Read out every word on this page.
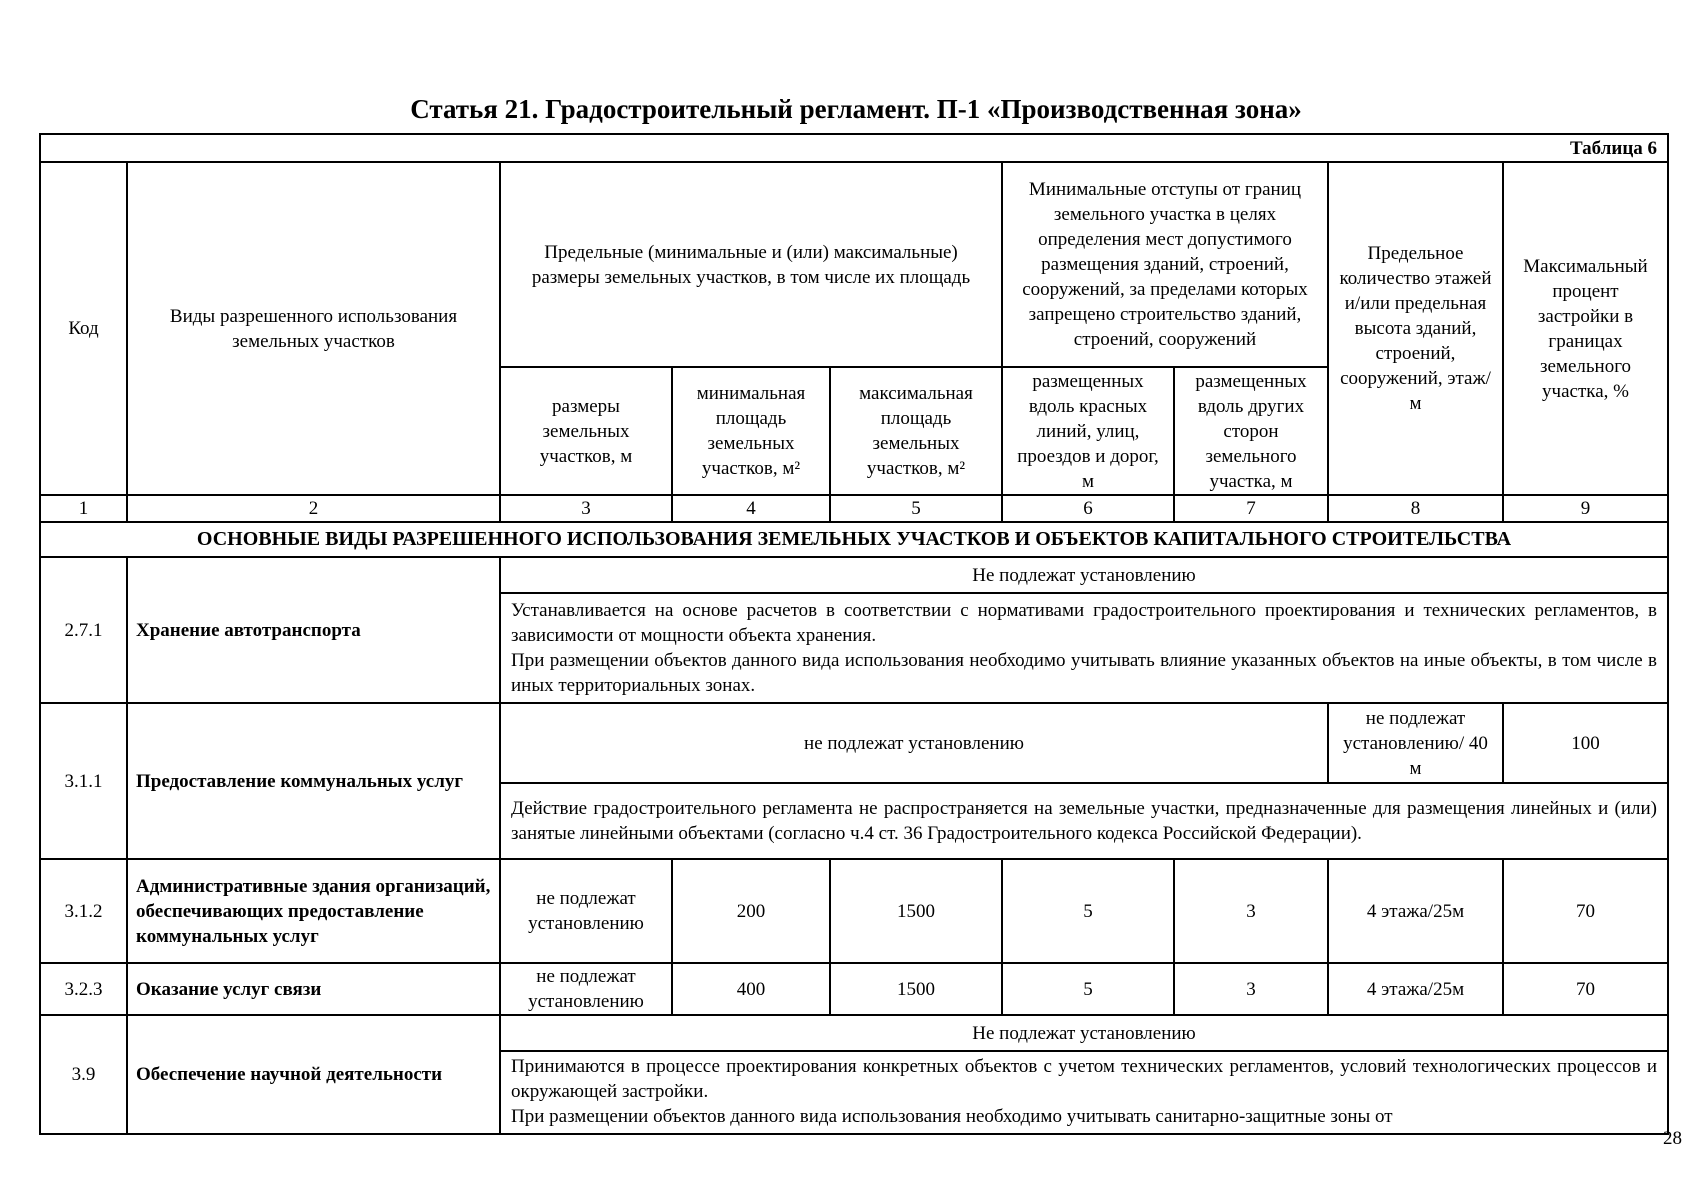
Статья 21. Градостроительный регламент. П-1 «Производственная зона»
Таблица 6								
Код	Виды разрешенного использования земельных участков	Предельные (минимальные и (или) максимальные) размеры земельных участков, в том числе их площадь			Минимальные отступы от границ земельного участка в целях определения мест допустимого размещения зданий, строений, сооружений, за пределами которых запрещено строительство зданий, строений, сооружений		Предельное количество этажей и/или предельная высота зданий, строений, сооружений, этаж/м	Максимальный процент застройки в границах земельного участка, %
		размеры земельных участков, м	минимальная площадь земельных участков, м²	максимальная площадь земельных участков, м²	размещенных вдоль красных линий, улиц, проездов и дорог, м	размещенных вдоль других сторон земельного участка, м		
1	2	3	4	5	6	7	8	9
ОСНОВНЫЕ ВИДЫ РАЗРЕШЕННОГО ИСПОЛЬЗОВАНИЯ ЗЕМЕЛЬНЫХ УЧАСТКОВ И ОБЪЕКТОВ КАПИТАЛЬНОГО СТРОИТЕЛЬСТВА								
2.7.1	Хранение автотранспорта	Не подлежат установлению						

		Устанавливается на основе расчетов в соответствии с нормативами градостроительного проектирования и технических регламентов, в зависимости от мощности объекта хранения.
При размещении объектов данного вида использования необходимо учитывать влияние указанных объектов на иные объекты, в том числе в иных территориальных зонах.						

3.1.1	Предоставление коммунальных услуг	не подлежат установлению					не подлежат установлению/ 40 м	100
		Действие градостроительного регламента не распространяется на земельные участки, предназначенные для размещения линейных и (или) занятые линейными объектами (согласно ч.4 ст. 36 Градостроительного кодекса Российской Федерации).						
3.1.2	Административные здания организаций, обеспечивающих предоставление коммунальных услуг	не подлежат установлению	200	1500	5	3	4 этажа/25м	70
3.2.3	Оказание услуг связи	не подлежат установлению	400	1500	5	3	4 этажа/25м	70
3.9	Обеспечение научной деятельности	Не подлежат установлению						

		Принимаются в процессе проектирования конкретных объектов с учетом технических регламентов, условий технологических процессов и окружающей застройки.
При размещении объектов данного вида использования необходимо учитывать санитарно-защитные зоны от						
28
